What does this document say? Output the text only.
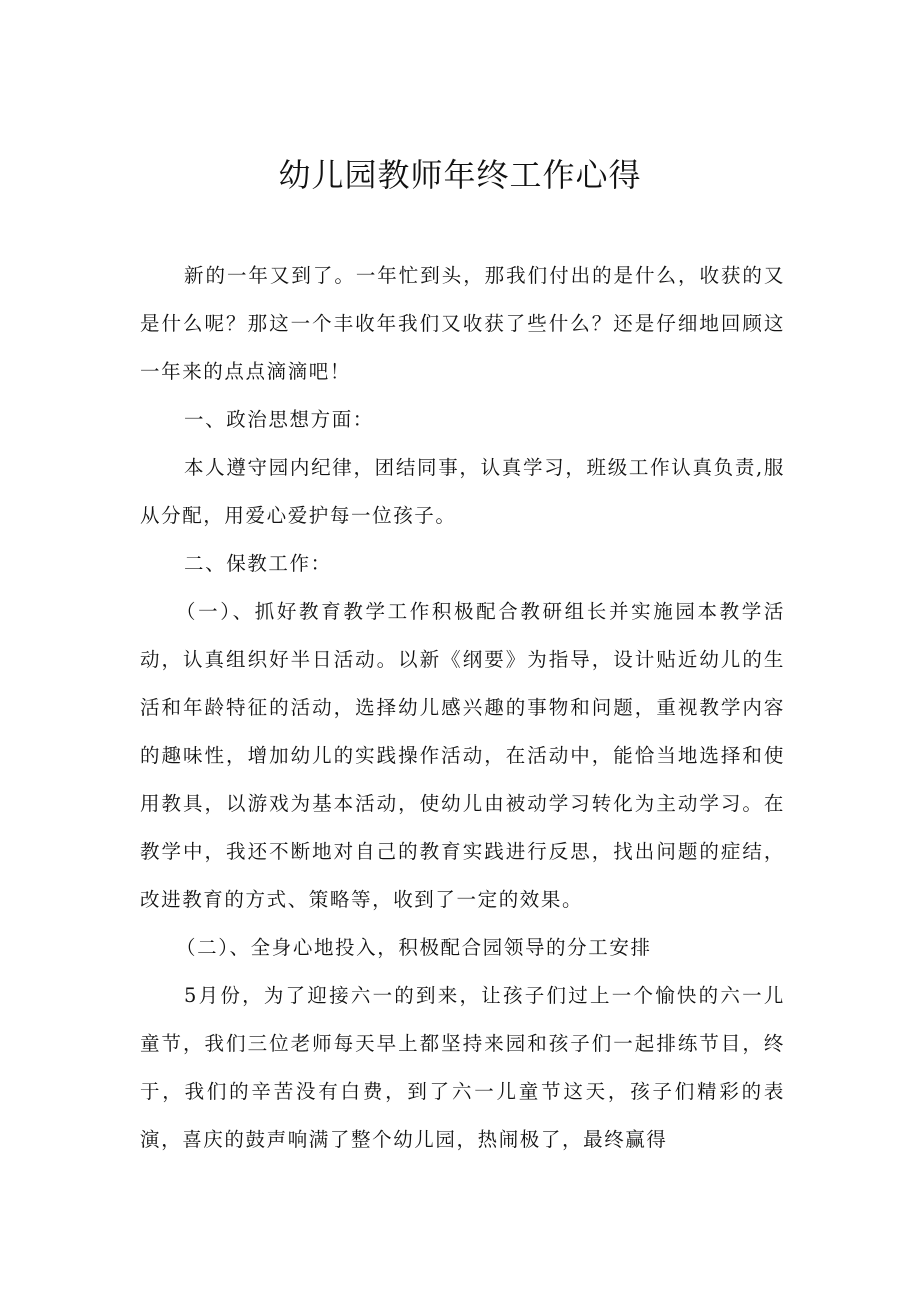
幼儿园教师年终工作心得

新的一年又到了。一年忙到头，那我们付出的是什么，收获的又是什么呢？那这一个丰收年我们又收获了些什么？还是仔细地回顾这一年来的点点滴滴吧！

一、政治思想方面：

本人遵守园内纪律，团结同事，认真学习，班级工作认真负责,服从分配，用爱心爱护每一位孩子。

二、保教工作：

（一）、抓好教育教学工作积极配合教研组长并实施园本教学活动，认真组织好半日活动。以新《纲要》为指导，设计贴近幼儿的生活和年龄特征的活动，选择幼儿感兴趣的事物和问题，重视教学内容的趣味性，增加幼儿的实践操作活动，在活动中，能恰当地选择和使用教具，以游戏为基本活动，使幼儿由被动学习转化为主动学习。在教学中，我还不断地对自己的教育实践进行反思，找出问题的症结，改进教育的方式、策略等，收到了一定的效果。

（二）、全身心地投入，积极配合园领导的分工安排

5月份，为了迎接六一的到来，让孩子们过上一个愉快的六一儿童节，我们三位老师每天早上都坚持来园和孩子们一起排练节目，终于，我们的辛苦没有白费，到了六一儿童节这天，孩子们精彩的表演，喜庆的鼓声响满了整个幼儿园，热闹极了，最终赢得
